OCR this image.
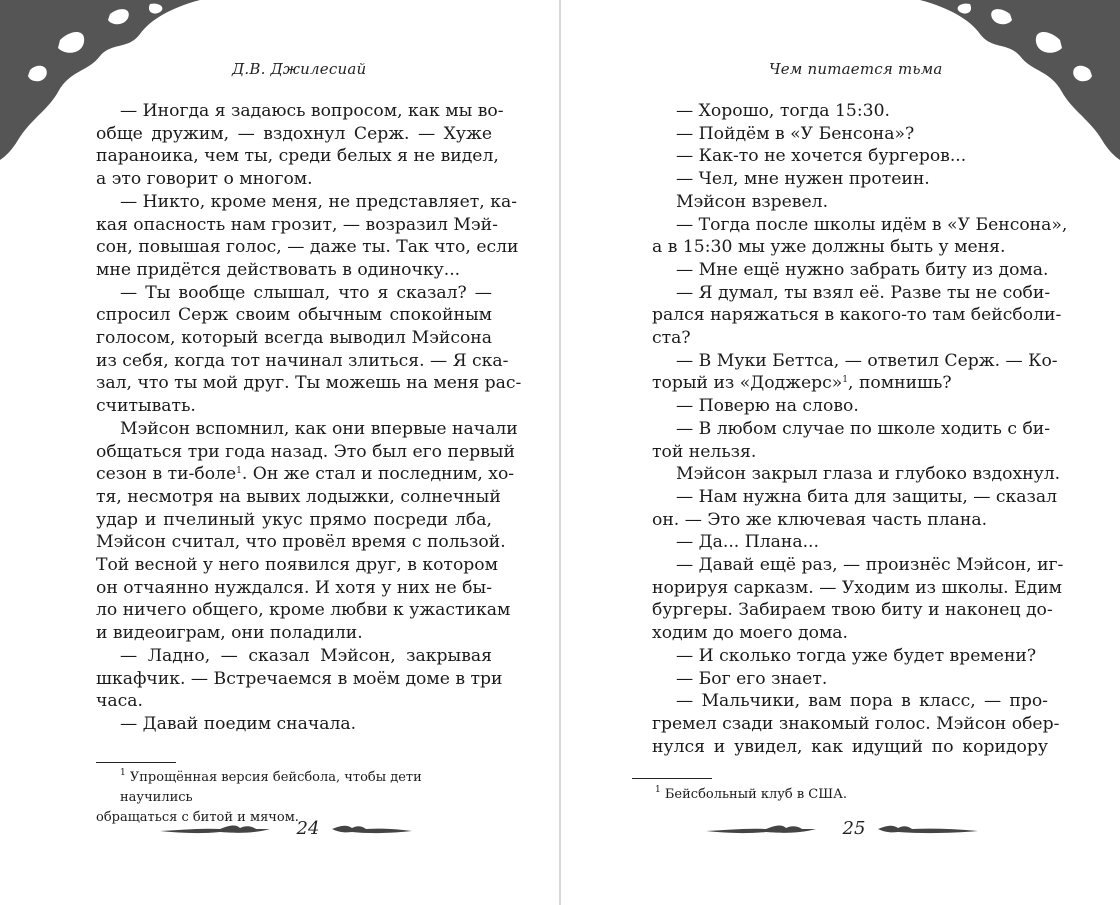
Д.В. Джилесuай
— Иногда я задаюсь вопросом, как мы во-
обще дружим, — вздохнул Серж. — Хуже
параноика, чем ты, среди белых я не видел,
а это говорит о многом.
— Никто, кроме меня, не представляет, ка-
кая опасность нам грозит, — возразил Мэй-
сон, повышая голос, — даже ты. Так что, если
мне придётся действовать в одиночку...
— Ты вообще слышал, что я сказал? —
спросил Серж своим обычным спокойным
голосом, который всегда выводил Мэйсона
из себя, когда тот начинал злиться. — Я ска-
зал, что ты мой друг. Ты можешь на меня рас-
считывать.
Мэйсон вспомнил, как они впервые начали
общаться три года назад. Это был его первый
сезон в ти-боле$^1$. Он же стал и последним, хо-
тя, несмотря на вывих лодыжки, солнечный
удар и пчелиный укус прямо посреди лба,
Мэйсон считал, что провёл время с пользой.
Той весной у него появился друг, в котором
он отчаянно нуждался. И хотя у них не бы-
ло ничего общего, кроме любви к ужастикам
и видеоиграм, они поладили.
— Ладно, — сказал Мэйсон, закрывая
шкафчик. — Встречаемся в моём доме в три
часа.
— Давай поедим сначала.
$^1$ Упрощённая версия бейсбола, чтобы дети научились
обращаться с битой и мячом.
24
Чем питается тьма
— Хорошо, тогда 15:30.
— Пойдём в «У Бенсона»?
— Как-то не хочется бургеров...
— Чел, мне нужен протеин.
Мэйсон взревел.
— Тогда после школы идём в «У Бенсона»,
а в 15:30 мы уже должны быть у меня.
— Мне ещё нужно забрать биту из дома.
— Я думал, ты взял её. Разве ты не соби-
рался наряжаться в какого-то там бейсболи-
ста?
— В Муки Беттса, — ответил Серж. — Ко-
торый из «Доджерс»$^1$, помнишь?
— Поверю на слово.
— В любом случае по школе ходить с би-
той нельзя.
Мэйсон закрыл глаза и глубоко вздохнул.
— Нам нужна бита для защиты, — сказал
он. — Это же ключевая часть плана.
— Да... Плана...
— Давай ещё раз, — произнёс Мэйсон, иг-
норируя сарказм. — Уходим из школы. Едим
бургеры. Забираем твою биту и наконец до-
ходим до моего дома.
— И сколько тогда уже будет времени?
— Бог его знает.
— Мальчики, вам пора в класс, — про-
гремел сзади знакомый голос. Мэйсон обер-
нулся и увидел, как идущий по коридору
$^1$ Бейсбольный клуб в США.
25
